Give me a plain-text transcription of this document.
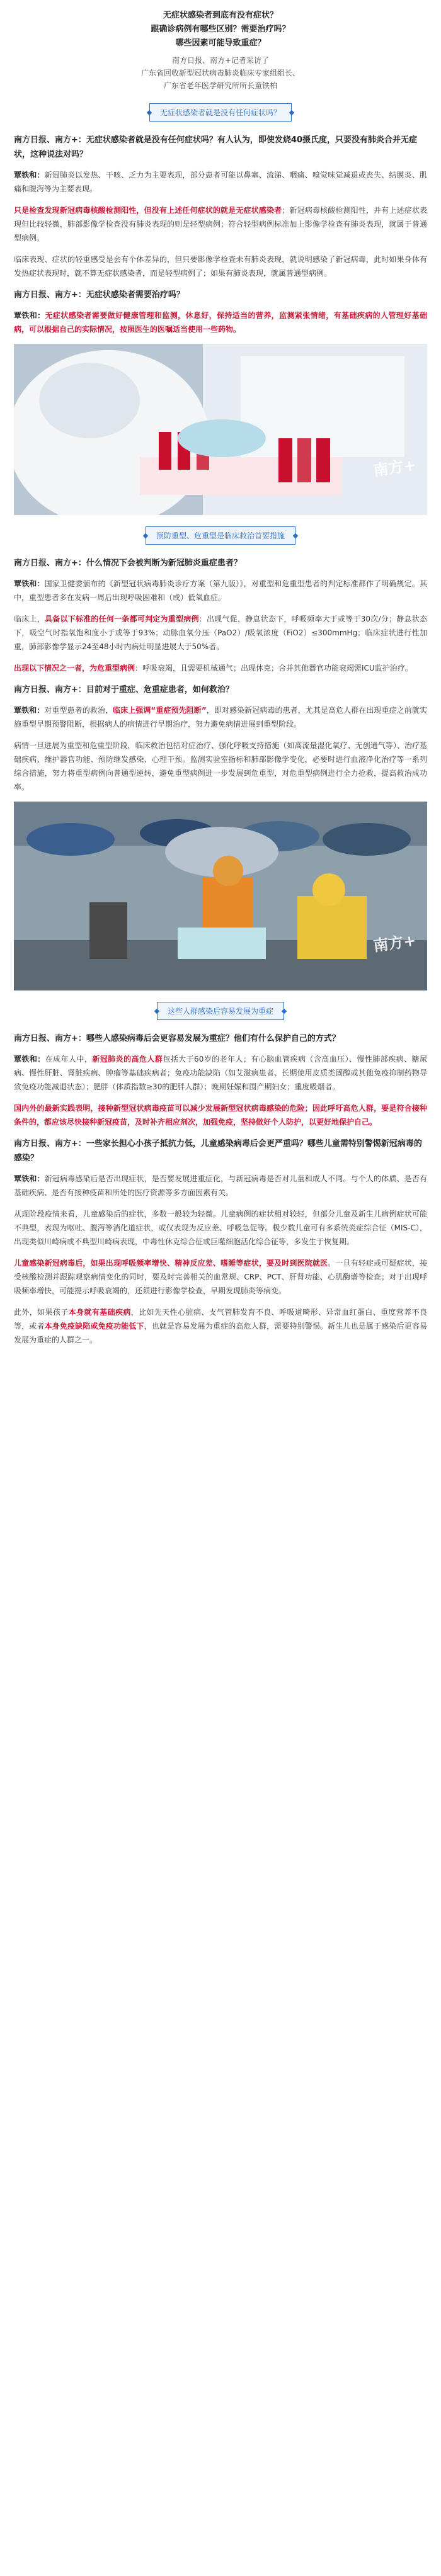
无症状感染者到底有没有症状？
跟确诊病例有哪些区别？需要治疗吗？
哪些因素可能导致重症？
南方日报、南方+记者采访了
广东省回收新型冠状病毒肺炎临床专家组组长、
广东省老年医学研究所所长童铁柏
无症状感染者就是没有任何症状吗？

南方日报、南方+：无症状感染者就是没有任何症状吗？有人认为，即使发烧40摄氏度，只要没有肺炎合并无症状，这种说法对吗？

覃铁和：新冠肺炎以发热、干咳、乏力为主要表现，部分患者可能以鼻塞、流涕、咽痛、嗅觉味觉减退或丧失、结膜炎、肌痛和腹泻等为主要表现。

只是检查发现新冠病毒核酸检测阳性，但没有上述任何症状的就是无症状感染者；新冠病毒核酸检测阳性，并有上述症状表现但比较轻微，肺部影像学检查没有肺炎表现的则是轻型病例；符合轻型病例标准加上影像学检查有肺炎表现，就属于普通型病例。

临床表现、症状的轻重感受是会有个体差异的，但只要影像学检查未有肺炎表现，就说明感染了新冠病毒，此时如果身体有发热症状表现时，就不算无症状感染者，而是轻型病例了；如果有肺炎表现，就属普通型病例。

南方日报、南方+：无症状感染者需要治疗吗？

覃铁和：无症状感染者需要做好健康管理和监测，休息好，保持适当的营养，监测紧张情绪，有基础疾病的人管理好基础病，可以根据自己的实际情况，按照医生的医嘱适当使用一些药物。

南方+
预防重型、危重型是临床救治首要措施

南方日报、南方+：什么情况下会被判断为新冠肺炎重症患者？

覃铁和：国家卫健委颁布的《新型冠状病毒肺炎诊疗方案（第九版）》，对重型和危重型患者的判定标准都作了明确规定。其中，重型患者多在发病一周后出现呼吸困难和（或）低氧血症。

临床上，具备以下标准的任何一条都可判定为重型病例：出现气促，静息状态下，呼吸频率大于或等于30次/分；静息状态下，吸空气时指氧饱和度小于或等于93%；动脉血氧分压（PaO2）/吸氧浓度（FiO2）≤300mmHg；临床症状进行性加重，肺部影像学显示24至48小时内病灶明显进展大于50%者。

出现以下情况之一者，为危重型病例：呼吸衰竭，且需要机械通气；出现休克；合并其他器官功能衰竭需ICU监护治疗。

南方日报、南方+：目前对于重症、危重症患者，如何救治？

覃铁和：对重型患者的救治，临床上强调“重症预先阻断”，即对感染新冠病毒的患者，尤其是高危人群在出现重症之前就实施重型早期预警阻断，根据病人的病情进行早期治疗，努力避免病情进展到重型阶段。

病情一旦进展为重型和危重型阶段，临床救治包括对症治疗、强化呼吸支持措施（如高流量湿化氧疗、无创通气等）、治疗基础疾病、维护器官功能、预防继发感染、心理干预。监测实验室指标和肺部影像学变化，必要时进行血液净化治疗等一系列综合措施，努力将重型病例向普通型逆转，避免重型病例进一步发展到危重型，对危重型病例进行全力抢救，提高救治成功率。

南方+
这些人群感染后容易发展为重症

南方日报、南方+：哪些人感染病毒后会更容易发展为重症？他们有什么保护自己的方式？

覃铁和：在成年人中，新冠肺炎的高危人群包括大于60岁的老年人；有心脑血管疾病（含高血压）、慢性肺部疾病、糖尿病、慢性肝脏、肾脏疾病、肿瘤等基础疾病者；免疫功能缺陷（如艾滋病患者、长期使用皮质类固醇或其他免疫抑制药物导致免疫功能减退状态）；肥胖（体质指数≥30的肥胖人群）；晚期妊娠和围产期妇女；重度吸烟者。

国内外的最新实践表明，接种新型冠状病毒疫苗可以减少发展新型冠状病毒感染的危险；因此呼吁高危人群，要是符合接种条件的，都应该尽快接种新冠疫苗，及时补齐相应剂次，加强免疫，坚持做好个人防护，以更好地保护自己。

南方日报、南方+：一些家长担心小孩子抵抗力低，儿童感染病毒后会更严重吗？哪些儿童需特别警惕新冠病毒的感染？

覃铁和：新冠病毒感染后是否出现症状，是否要发展进重症化，与新冠病毒是否对儿童和成人不同。与个人的体质、是否有基础疾病、是否有接种疫苗和所处的医疗资源等多方面因素有关。

从现阶段疫情来看，儿童感染后的症状，多数一般较为轻微。儿童病例的症状相对较轻，但部分儿童及新生儿病例症状可能不典型，表现为呕吐、腹泻等消化道症状，或仅表现为反应差、呼吸急促等。极少数儿童可有多系统炎症综合征（MIS-C），出现类似川崎病或不典型川崎病表现，中毒性休克综合征或巨噬细胞活化综合征等，多发生于恢复期。

儿童感染新冠病毒后，如果出现呼吸频率增快、精神反应差、嗜睡等症状，要及时到医院就医。一旦有轻症或可疑症状，接受核酸检测并跟踪观察病情变化的同时，要及时完善相关的血常规、CRP、PCT、肝肾功能、心肌酶谱等检查；对于出现呼吸频率增快，可能提示呼吸衰竭的，还须进行影像学检查，早期发现肺炎等病变。

此外，如果孩子本身就有基础疾病，比如先天性心脏病、支气管肺发育不良、呼吸道畸形、异常血红蛋白、重度营养不良等，或者本身免疫缺陷或免疫功能低下，也就是容易发展为重症的高危人群，需要特别警惕。新生儿也是属于感染后更容易发展为重症的人群之一。
